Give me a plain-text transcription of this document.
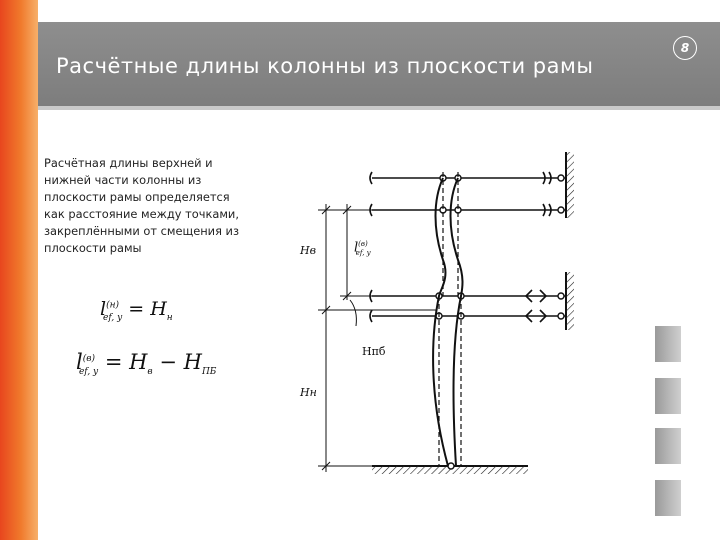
Расчётные длины колонны из плоскости рамы
8
Расчётная длины верхней и нижней части колонны из плоскости рамы определяется как расстояние между точками, закреплёнными от смещения из плоскости рамы
$l^{(н)}_{ef, y} = H_н$
$l^{(в)}_{ef, y} = H_в - H_{ПБ}$
Hв	$l^{(в)}_{ef, y}$
Нпб
Hн
